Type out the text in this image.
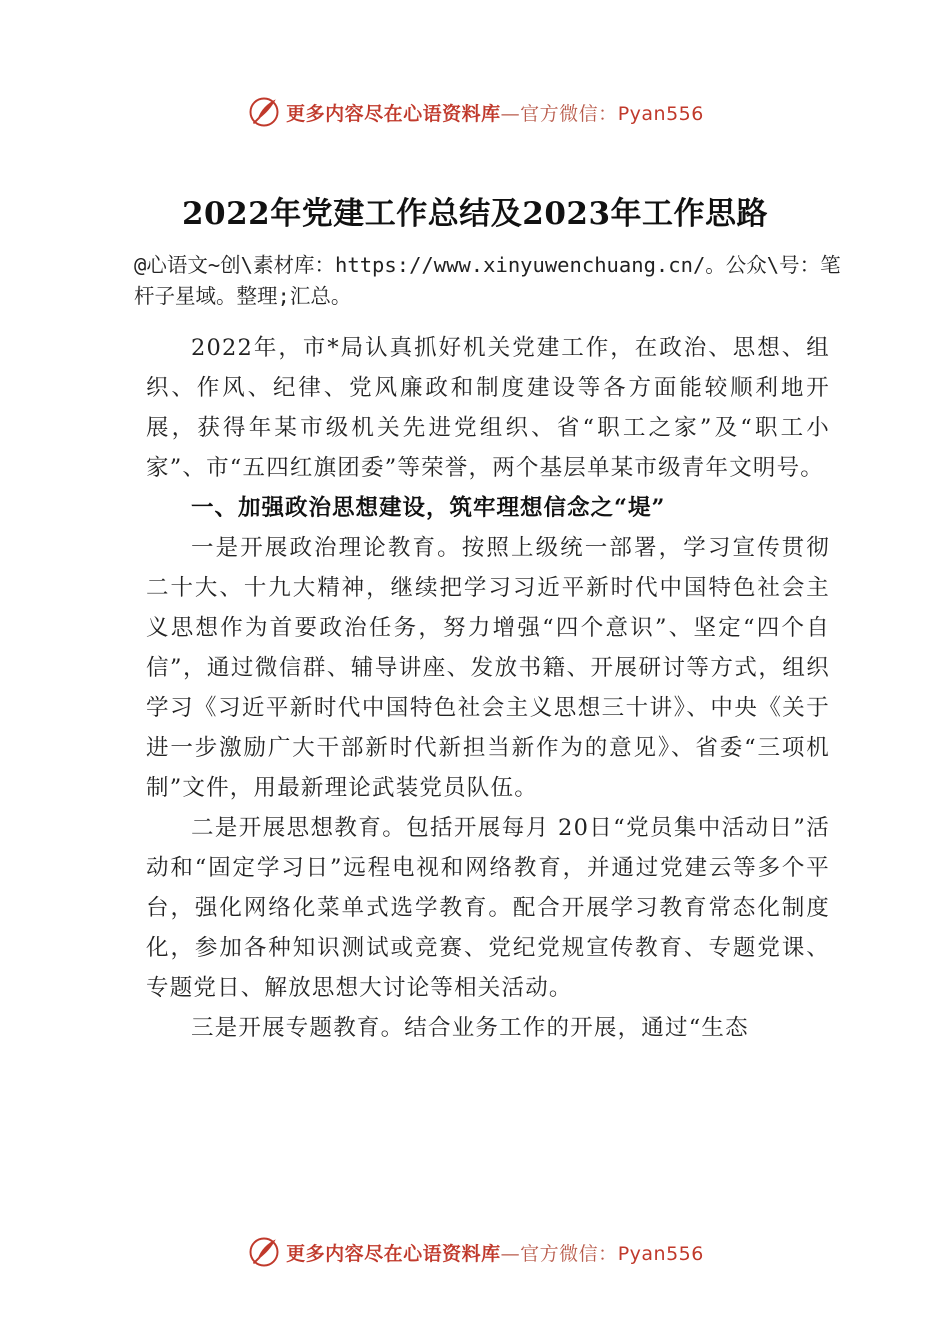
更多内容尽在心语资料库—官方微信：Pyan556
2022年党建工作总结及2023年工作思路

@心语文~创\素材库：https://www.xinyuwenchuang.cn/。公众\号：笔杆子星域。整理;汇总。

2022年，市*局认真抓好机关党建工作，在政治、思想、组织、作风、纪律、党风廉政和制度建设等各方面能较顺利地开展，获得年某市级机关先进党组织、省“职工之家”及“职工小家”、市“五四红旗团委”等荣誉，两个基层单某市级青年文明号。

一、加强政治思想建设，筑牢理想信念之“堤”

一是开展政治理论教育。按照上级统一部署，学习宣传贯彻二十大、十九大精神，继续把学习习近平新时代中国特色社会主义思想作为首要政治任务，努力增强“四个意识”、坚定“四个自信”，通过微信群、辅导讲座、发放书籍、开展研讨等方式，组织学习《习近平新时代中国特色社会主义思想三十讲》、中央《关于进一步激励广大干部新时代新担当新作为的意见》、省委“三项机制”文件，用最新理论武装党员队伍。

二是开展思想教育。包括开展每月 20日“党员集中活动日”活动和“固定学习日”远程电视和网络教育，并通过党建云等多个平台，强化网络化菜单式选学教育。配合开展学习教育常态化制度化，参加各种知识测试或竞赛、党纪党规宣传教育、专题党课、专题党日、解放思想大讨论等相关活动。

三是开展专题教育。结合业务工作的开展，通过“生态

更多内容尽在心语资料库—官方微信：Pyan556
